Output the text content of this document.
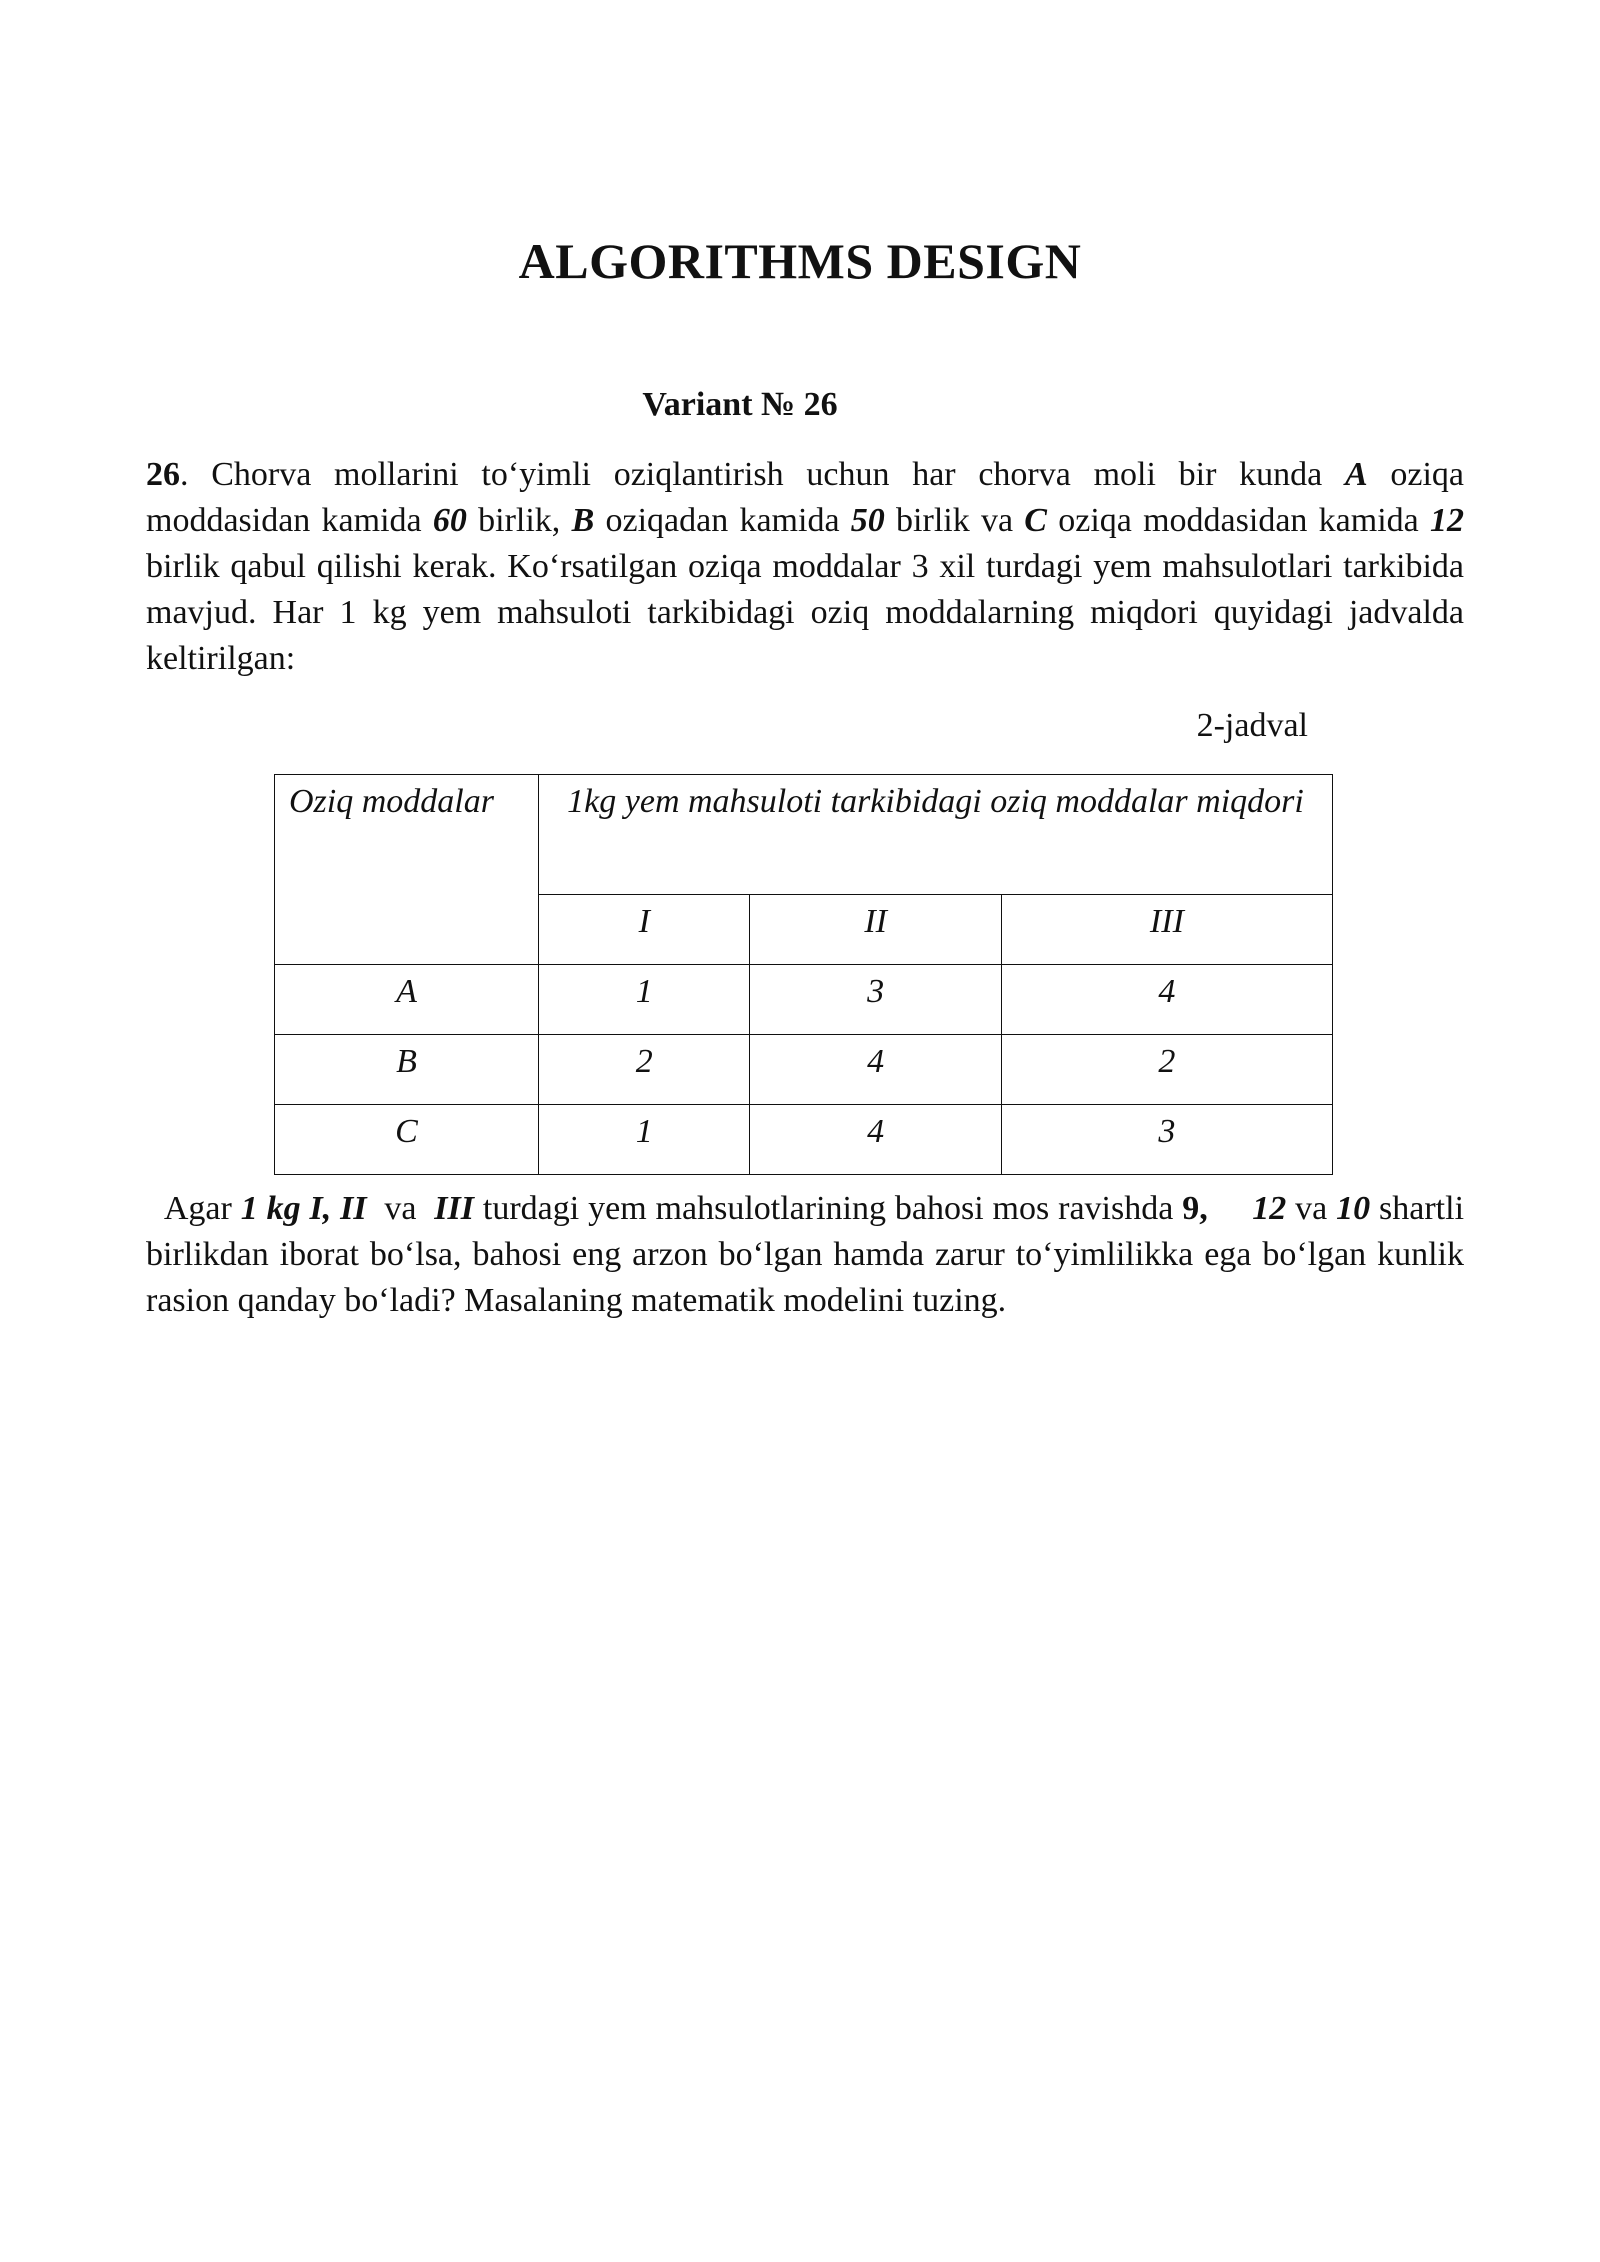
ALGORITHMS DESIGN
Variant № 26
26. Chorva mollarini to‘yimli oziqlantirish uchun har chorva moli bir kunda A oziqa moddasidan kamida 60 birlik, B oziqadan kamida 50 birlik va C oziqa moddasidan kamida 12 birlik qabul qilishi kerak. Ko‘rsatilgan oziqa moddalar 3 xil turdagi yem mahsulotlari tarkibida mavjud. Har 1 kg yem mahsuloti tarkibidagi oziq moddalarning miqdori quyidagi jadvalda keltirilgan:
2-jadval
Oziq moddalar	1kg yem mahsuloti tarkibidagi oziq moddalar miqdori		
	I	II	III
A	1	3	4
B	2	4	2
C	1	4	3
Agar 1 kg I, II  va  III turdagi yem mahsulotlarining bahosi mos ravishda 9, 12 va 10 shartli birlikdan iborat bo‘lsa, bahosi eng arzon bo‘lgan hamda zarur to‘yimlilikka ega bo‘lgan kunlik rasion qanday bo‘ladi? Masalaning matematik modelini tuzing.
